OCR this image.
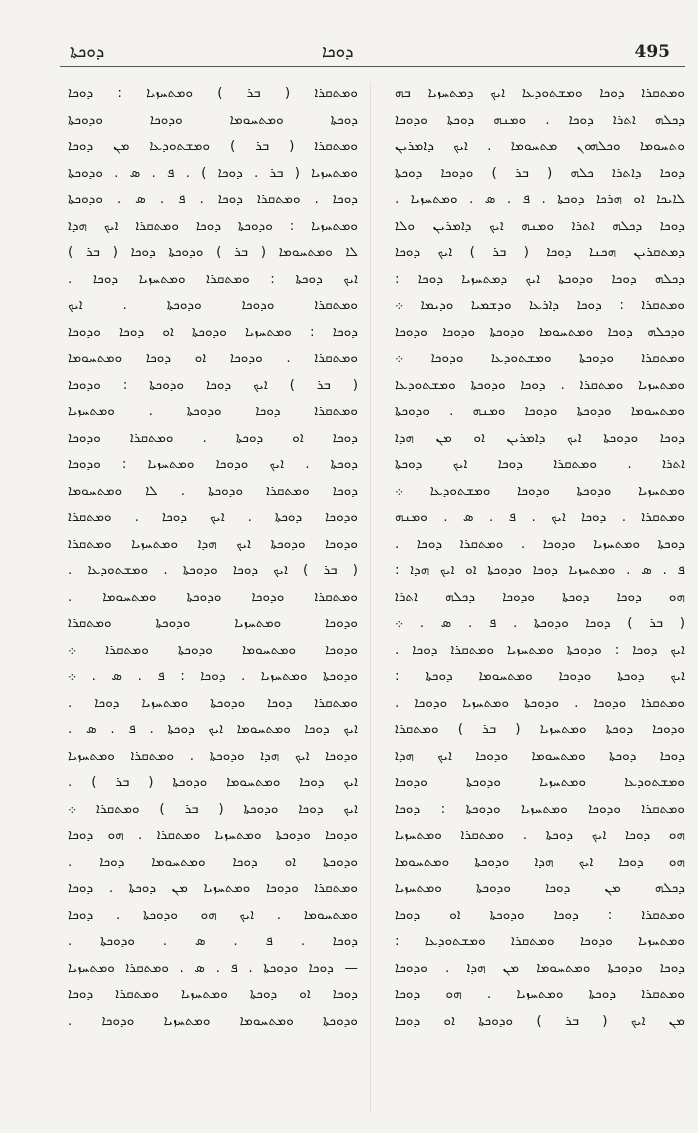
ܕܘܟܬܐ	ܕܘܟܐ	495
ܘܡܬܩܪܐ ܕܘܟܐ ܘܡܫܬܘܕܥܐ ܐܝܟ ܕܡܬܚܙܝܐ ܒܗ
ܕܟܠܗ ܐܬܪܐ ܕܘܟܐ . ܘܡܢܗ ܕܘܟܬܐ ܘܕܘܟܐ
ܘܬܚܘܡܐ ܘܟܠܗܘܢ ܡܬܚܘܡܐ . ܐܝܟ ܕܐܡܪܝܢ
ܕܘܟܐ ܕܐܬܪܐ ܟܠܗ ( ܒܪ ) ܘܕܘܟܐ ܕܘܟܬܐ
ܠܐܝܟܐ ܐܘ ܗܪܟܐ ܕܘܟܬܐ . ܦ . ܣ . ܘܡܬܚܙܝܐ .
ܕܘܟܐ ܕܟܠܗ ܐܬܪܐ ܘܡܢܗ ܐܝܟ ܕܐܡܪܝܢ ܘܠܐ
ܕܡܬܩܪܝܢ ܗܟܢܐ ܕܘܟܐ ( ܒܪ ) ܐܝܟ ܕܘܟܐ
ܕܟܠܗ ܕܘܟܐ ܘܕܘܟܬܐ ܐܝܟ ܕܡܬܚܙܝܐ ܕܘܟܐ :
ܘܡܬܩܪܐ : ܕܘܟܐ ܕܐܪܥܐ ܘܕܫܡܝܐ ܘܕܝܡܐ ܀
ܘܕܟܠܗ ܕܘܟܐ ܘܡܬܚܘܡܐ ܘܕܘܟܬܐ ܘܕܘܟܐ ܘܕܘܟܐ
ܘܡܬܩܪܐ ܘܕܘܟܬܐ ܘܡܫܬܘܕܥܐ ܘܕܘܟܐ ܀
ܘܡܬܚܙܝܐ ܘܡܬܩܪܐ . ܕܘܟܐ ܘܕܘܟܬܐ ܘܡܫܬܘܕܥܐ
ܘܡܬܚܘܡܐ ܘܕܘܟܬܐ ܘܕܘܟܐ ܘܡܢܗ . ܘܕܘܟܬܐ
ܕܘܟܐ ܘܕܘܟܬܐ ܐܝܟ ܕܐܡܪܝܢ ܐܘ ܡܢ ܗܕܐ
ܐܬܪܐ . ܘܡܬܩܪܐ ܕܘܟܐ ܐܝܟ ܕܘܟܬܐ
ܘܡܬܚܙܝܐ ܘܕܘܟܬܐ ܘܕܘܟܐ ܘܡܫܬܘܕܥܐ ܀
ܘܡܬܩܪܐ . ܕܘܟܐ ܐܝܟ . ܦ . ܣ . ܘܡܢܗ
ܕܘܟܬܐ ܘܡܬܚܙܝܐ ܘܕܘܟܐ . ܘܡܬܩܪܐ ܕܘܟܐ .
ܦ . ܣ . ܘܡܬܚܙܝܐ ܕܘܟܐ ܘܕܘܟܬܐ ܐܘ ܐܝܟ ܗܕܐ :
ܗܘ ܕܘܟܐ ܕܘܟܬܐ ܘܕܘܟܐ ܕܟܠܗ ܐܬܪܐ
( ܒܪ ) ܕܘܟܐ ܘܕܘܟܬܐ . ܦ . ܣ . ܀
ܐܝܟ ܕܘܟܐ : ܘܕܘܟܬܐ ܘܡܬܚܙܝܐ ܘܡܬܩܪܐ ܕܘܟܐ .
ܐܝܟ ܕܘܟܬܐ ܘܕܘܟܐ ܘܡܬܚܘܡܐ ܕܘܟܬܐ :
ܘܡܬܩܪܐ ܘܕܘܟܐ . ܘܕܘܟܬܐ ܘܡܬܚܙܝܐ ܘܕܘܟܐ .
ܘܕܘܟܐ ܕܘܟܬܐ ܘܡܬܚܙܝܐ ( ܒܪ ) ܘܡܬܩܪܐ
ܕܘܟܐ ܕܘܟܬܐ ܘܡܬܚܘܡܐ ܘܕܘܟܐ ܐܝܟ ܗܕܐ
ܘܡܫܬܘܕܥܐ ܘܡܬܚܙܝܐ ܘܕܘܟܬܐ ܘܕܘܟܐ
ܘܡܬܩܪܐ ܘܕܘܟܐ ܘܡܬܚܙܝܐ ܘܕܘܟܬܐ : ܕܘܟܐ
ܗܘ ܕܘܟܐ ܐܝܟ ܕܘܟܬܐ . ܘܡܬܩܪܐ ܘܡܬܚܙܝܐ
ܗܘ ܕܘܟܐ ܐܝܟ ܗܕܐ ܘܕܘܟܬܐ ܘܡܬܚܘܡܐ
ܕܟܠܗ ܡܢ ܕܘܟܐ ܘܕܘܟܬܐ ܘܡܬܚܙܝܐ
ܘܡܬܩܪܐ : ܕܘܟܐ ܘܕܘܟܬܐ ܐܘ ܕܘܟܐ
ܘܡܬܚܙܝܐ ܘܕܘܟܐ ܘܡܬܩܪܐ ܘܡܫܬܘܕܥܐ :
ܕܘܟܐ ܘܕܘܟܬܐ ܘܡܬܚܘܡܐ ܡܢ ܗܕܐ . ܘܕܘܟܐ
ܘܡܬܩܪܐ ܕܘܟܬܐ ܘܡܬܚܙܝܐ . ܗܘ ܕܘܟܐ
ܡܢ ܐܝܟ ( ܒܪ ) ܘܕܘܟܬܐ ܐܘ ܕܘܟܐ
ܘܡܬܩܪܐ ( ܒܪ ) ܘܡܬܚܙܝܐ : ܕܘܟܐ
ܕܘܟܬܐ ܘܡܬܚܘܡܐ ܘܕܘܟܐ ܘܕܘܟܬܐ
ܘܡܬܩܪܐ ( ܒܪ ) ܘܡܫܬܘܕܥܐ ܡܢ ܕܘܟܐ
ܘܡܬܚܙܝܐ ( ܒܪ . ܕܘܟܐ ) . ܦ . ܣ . ܘܕܘܟܬܐ
ܕܘܟܐ . ܘܡܬܩܪܐ ܕܘܟܐ . ܦ . ܣ . ܘܕܘܟܬܐ
ܘܡܬܚܙܝܐ : ܘܕܘܟܬܐ ܕܘܟܐ ܘܡܬܩܪܐ ܐܝܟ ܗܕܐ
ܠܐ ܘܡܬܚܘܡܐ ( ܒܪ ) ܘܕܘܟܬܐ ܕܘܟܐ ( ܒܪ )
ܐܝܟ ܕܘܟܬܐ : ܘܡܬܩܪܐ ܘܡܬܚܙܝܐ ܕܘܟܐ .
ܘܡܬܩܪܐ ܘܕܘܟܐ ܘܕܘܟܬܐ . ܐܝܟ
ܕܘܟܐ : ܘܡܬܚܙܝܐ ܘܕܘܟܬܐ ܐܘ ܕܘܟܐ ܘܕܘܟܐ
ܘܡܬܩܪܐ . ܘܕܘܟܐ ܐܘ ܕܘܟܐ ܘܡܬܚܘܡܐ
( ܒܪ ) ܐܝܟ ܕܘܟܐ ܘܕܘܟܬܐ : ܘܕܘܟܐ
ܘܡܬܩܪܐ ܕܘܟܐ ܘܕܘܟܬܐ . ܘܡܬܚܙܝܐ
ܕܘܟܐ ܐܘ ܕܘܟܬܐ . ܘܡܬܩܪܐ ܘܕܘܟܐ
ܕܘܟܬܐ . ܐܝܟ ܘܕܘܟܐ ܘܡܬܚܙܝܐ : ܘܕܘܟܐ
ܕܘܟܐ ܘܡܬܩܪܐ ܘܕܘܟܬܐ . ܠܐ ܘܡܬܚܘܡܐ
ܘܕܘܟܐ ܕܘܟܬܐ . ܐܝܟ ܕܘܟܐ . ܘܡܬܩܪܐ
ܘܕܘܟܐ ܘܕܘܟܬܐ ܐܝܟ ܗܕܐ ܘܡܬܚܙܝܐ ܘܡܬܩܪܐ
( ܒܪ ) ܐܝܟ ܕܘܟܐ ܘܕܘܟܬܐ . ܘܡܫܬܘܕܥܐ .
ܘܡܬܩܪܐ ܘܕܘܟܐ ܘܕܘܟܬܐ ܘܡܬܚܘܡܐ .
ܘܕܘܟܐ ܘܡܬܚܙܝܐ ܘܕܘܟܬܐ ܘܡܬܩܪܐ
ܘܕܘܟܐ ܘܡܬܚܘܡܐ ܘܕܘܟܬܐ ܘܡܬܩܪܐ ܀
ܘܕܘܟܬܐ ܘܡܬܚܙܝܐ . ܕܘܟܐ : ܦ . ܣ . ܀
ܘܡܬܩܪܐ ܕܘܟܐ ܘܕܘܟܬܐ ܘܡܬܚܙܝܐ ܕܘܟܐ .
ܐܝܟ ܕܘܟܐ ܘܡܬܚܘܡܐ ܐܝܟ ܕܘܟܬܐ . ܦ . ܣ .
ܘܕܘܟܐ ܐܝܟ ܗܕܐ ܘܕܘܟܬܐ . ܘܡܬܩܪܐ ܘܡܬܚܙܝܐ
ܐܝܟ ܕܘܟܐ ܘܡܬܚܘܡܐ ܘܕܘܟܬܐ ( ܒܪ ) .
ܐܝܟ ܕܘܟܐ ܘܕܘܟܬܐ ( ܒܪ ) ܘܡܬܩܪܐ ܀
ܘܕܘܟܐ ܘܕܘܟܬܐ ܘܡܬܚܙܝܐ ܘܡܬܩܪܐ . ܗܘ ܕܘܟܐ
ܘܕܘܟܬܐ ܐܘ ܕܘܟܐ ܘܡܬܚܘܡܐ ܕܘܟܐ .
ܘܡܬܩܪܐ ܘܕܘܟܐ ܘܡܬܚܙܝܐ ܡܢ ܕܘܟܬܐ . ܕܘܟܐ
ܘܡܬܚܘܡܐ . ܐܝܟ ܗܘ ܘܕܘܟܬܐ . ܕܘܟܐ
ܕܘܟܐ . ܦ . ܣ . ܘܕܘܟܬܐ .
— ܕܘܟܐ ܘܕܘܟܬܐ . ܦ . ܣ . ܘܡܬܩܪܐ ܘܡܬܚܙܝܐ
ܕܘܟܐ ܐܘ ܕܘܟܬܐ ܘܡܬܚܙܝܐ ܘܡܬܩܪܐ ܕܘܟܐ
ܘܕܘܟܬܐ ܘܡܬܚܘܡܐ ܘܡܬܚܙܝܐ ܘܕܘܟܐ .
